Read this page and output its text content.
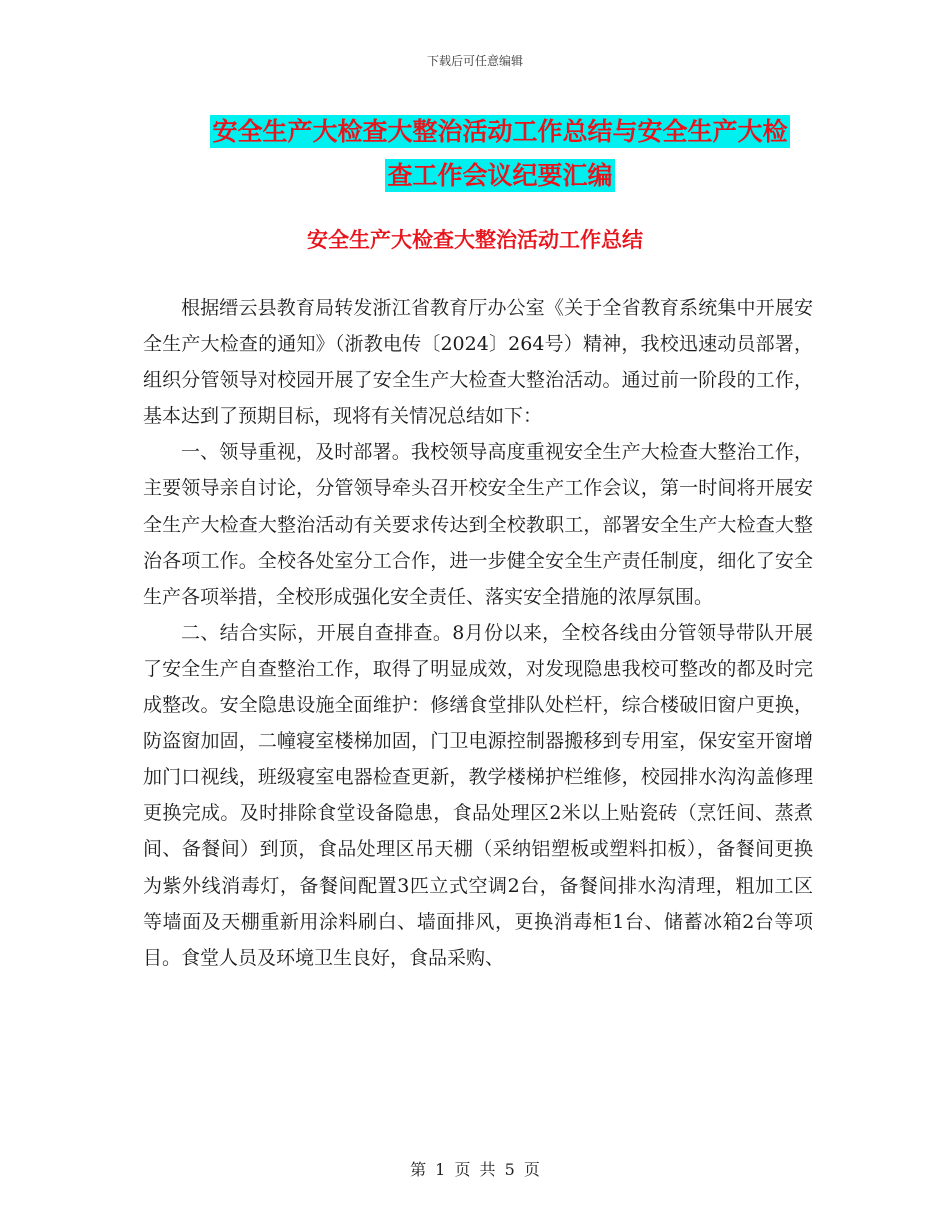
下载后可任意编辑
安全生产大检查大整治活动工作总结与安全生产大检
查工作会议纪要汇编
安全生产大检查大整治活动工作总结

根据缙云县教育局转发浙江省教育厅办公室《关于全省教育系统集中开展安全生产大检查的通知》（浙教电传〔2024〕264号）精神，我校迅速动员部署，组织分管领导对校园开展了安全生产大检查大整治活动。通过前一阶段的工作，基本达到了预期目标，现将有关情况总结如下：

一、领导重视，及时部署。我校领导高度重视安全生产大检查大整治工作，主要领导亲自讨论，分管领导牵头召开校安全生产工作会议，第一时间将开展安全生产大检查大整治活动有关要求传达到全校教职工，部署安全生产大检查大整治各项工作。全校各处室分工合作，进一步健全安全生产责任制度，细化了安全生产各项举措，全校形成强化安全责任、落实安全措施的浓厚氛围。

二、结合实际，开展自查排查。8月份以来，全校各线由分管领导带队开展了安全生产自查整治工作，取得了明显成效，对发现隐患我校可整改的都及时完成整改。安全隐患设施全面维护：修缮食堂排队处栏杆，综合楼破旧窗户更换，防盗窗加固，二幢寝室楼梯加固，门卫电源控制器搬移到专用室，保安室开窗增加门口视线，班级寝室电器检查更新，教学楼梯护栏维修，校园排水沟沟盖修理更换完成。及时排除食堂设备隐患，食品处理区2米以上贴瓷砖（烹饪间、蒸煮间、备餐间）到顶，食品处理区吊天棚（采纳铝塑板或塑料扣板），备餐间更换为紫外线消毒灯，备餐间配置3匹立式空调2台，备餐间排水沟清理，粗加工区等墙面及天棚重新用涂料刷白、墙面排风，更换消毒柜1台、储蓄冰箱2台等项目。食堂人员及环境卫生良好，食品采购、

第 1 页 共 5 页
